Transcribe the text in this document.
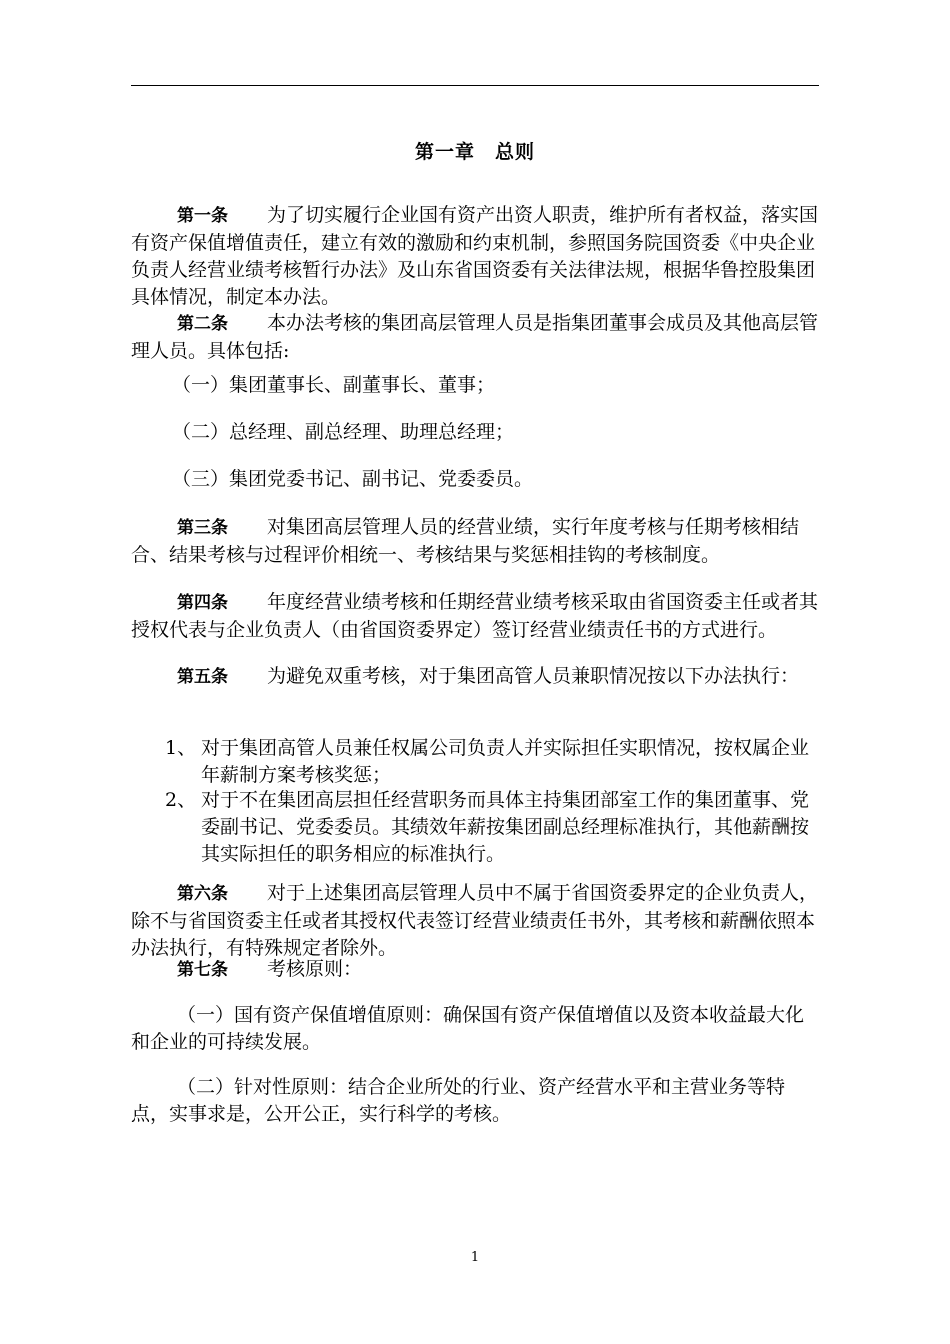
第一章 总则
第一条 为了切实履行企业国有资产出资人职责，维护所有者权益，落实国有资产保值增值责任，建立有效的激励和约束机制，参照国务院国资委《中央企业负责人经营业绩考核暂行办法》及山东省国资委有关法律法规，根据华鲁控股集团具体情况，制定本办法。
第二条 本办法考核的集团高层管理人员是指集团董事会成员及其他高层管理人员。具体包括:
（一）集团董事长、副董事长、董事；
（二）总经理、副总经理、助理总经理；
（三）集团党委书记、副书记、党委委员。
第三条 对集团高层管理人员的经营业绩，实行年度考核与任期考核相结合、结果考核与过程评价相统一、考核结果与奖惩相挂钩的考核制度。
第四条 年度经营业绩考核和任期经营业绩考核采取由省国资委主任或者其授权代表与企业负责人（由省国资委界定）签订经营业绩责任书的方式进行。
第五条 为避免双重考核，对于集团高管人员兼职情况按以下办法执行：
1、 对于集团高管人员兼任权属公司负责人并实际担任实职情况，按权属企业年薪制方案考核奖惩；
2、 对于不在集团高层担任经营职务而具体主持集团部室工作的集团董事、党委副书记、党委委员。其绩效年薪按集团副总经理标准执行，其他薪酬按其实际担任的职务相应的标准执行。
第六条 对于上述集团高层管理人员中不属于省国资委界定的企业负责人，除不与省国资委主任或者其授权代表签订经营业绩责任书外，其考核和薪酬依照本办法执行，有特殊规定者除外。
第七条 考核原则：
（一）国有资产保值增值原则：确保国有资产保值增值以及资本收益最大化和企业的可持续发展。
（二）针对性原则：结合企业所处的行业、资产经营水平和主营业务等特点，实事求是，公开公正，实行科学的考核。
1
